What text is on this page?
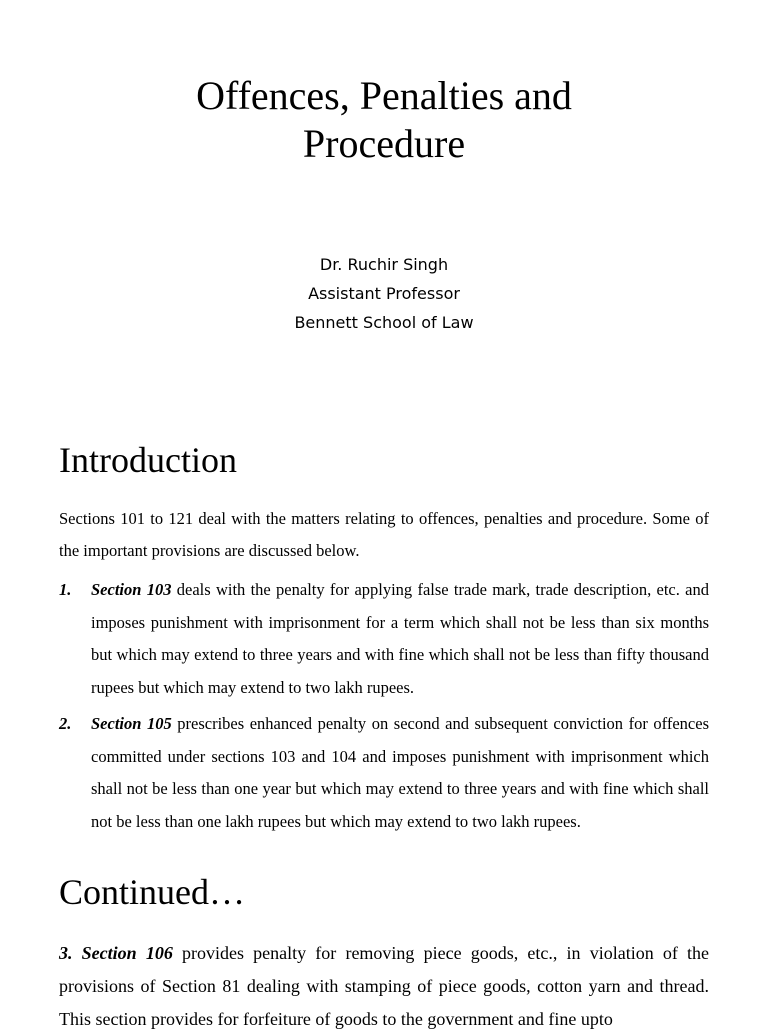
Offences, Penalties and
Procedure
Dr. Ruchir Singh
Assistant Professor
Bennett School of Law
Introduction

Sections 101 to 121 deal with the matters relating to offences, penalties and procedure. Some of the important provisions are discussed below.

1. Section 103 deals with the penalty for applying false trade mark, trade description, etc. and imposes punishment with imprisonment for a term which shall not be less than six months but which may extend to three years and with fine which shall not be less than fifty thousand rupees but which may extend to two lakh rupees.
2. Section 105 prescribes enhanced penalty on second and subsequent conviction for offences committed under sections 103 and 104 and imposes punishment with imprisonment which shall not be less than one year but which may extend to three years and with fine which shall not be less than one lakh rupees but which may extend to two lakh rupees.
Continued…

3. Section 106 provides penalty for removing piece goods, etc., in violation of the provisions of Section 81 dealing with stamping of piece goods, cotton yarn and thread. This section provides for forfeiture of goods to the government and fine upto
